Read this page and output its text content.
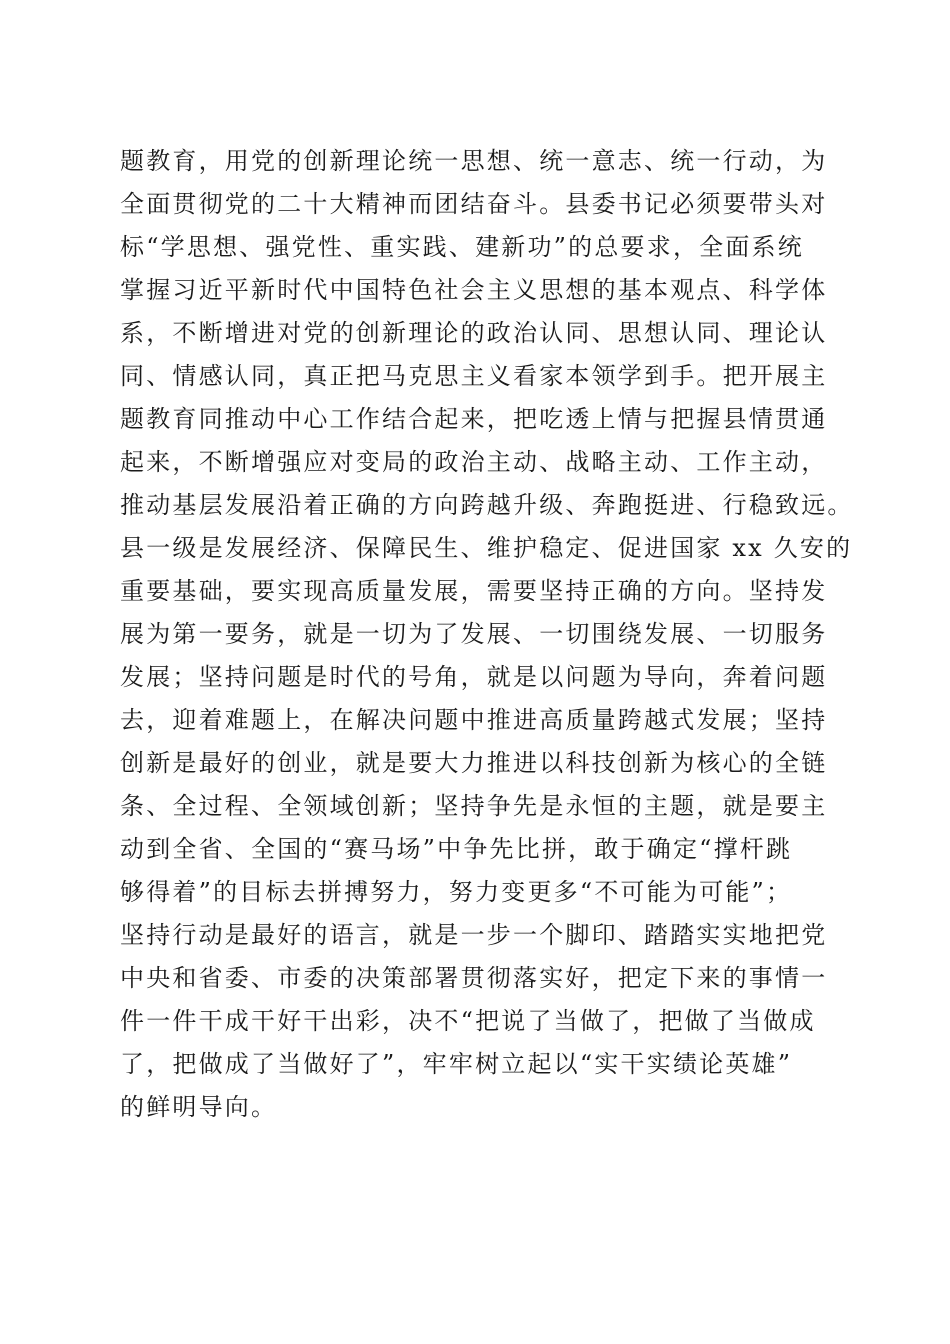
题教育，用党的创新理论统一思想、统一意志、统一行动，为
全面贯彻党的二十大精神而团结奋斗。县委书记必须要带头对
标“学思想、强党性、重实践、建新功”的总要求，全面系统
掌握习近平新时代中国特色社会主义思想的基本观点、科学体
系，不断增进对党的创新理论的政治认同、思想认同、理论认
同、情感认同，真正把马克思主义看家本领学到手。把开展主
题教育同推动中心工作结合起来，把吃透上情与把握县情贯通
起来，不断增强应对变局的政治主动、战略主动、工作主动，
推动基层发展沿着正确的方向跨越升级、奔跑挺进、行稳致远。
县一级是发展经济、保障民生、维护稳定、促进国家 xx 久安的
重要基础，要实现高质量发展，需要坚持正确的方向。坚持发
展为第一要务，就是一切为了发展、一切围绕发展、一切服务
发展；坚持问题是时代的号角，就是以问题为导向，奔着问题
去，迎着难题上，在解决问题中推进高质量跨越式发展；坚持
创新是最好的创业，就是要大力推进以科技创新为核心的全链
条、全过程、全领域创新；坚持争先是永恒的主题，就是要主
动到全省、全国的“赛马场”中争先比拼，敢于确定“撑杆跳
够得着”的目标去拼搏努力，努力变更多“不可能为可能”；
坚持行动是最好的语言，就是一步一个脚印、踏踏实实地把党
中央和省委、市委的决策部署贯彻落实好，把定下来的事情一
件一件干成干好干出彩，决不“把说了当做了，把做了当做成
了，把做成了当做好了”，牢牢树立起以“实干实绩论英雄”
的鲜明导向。
